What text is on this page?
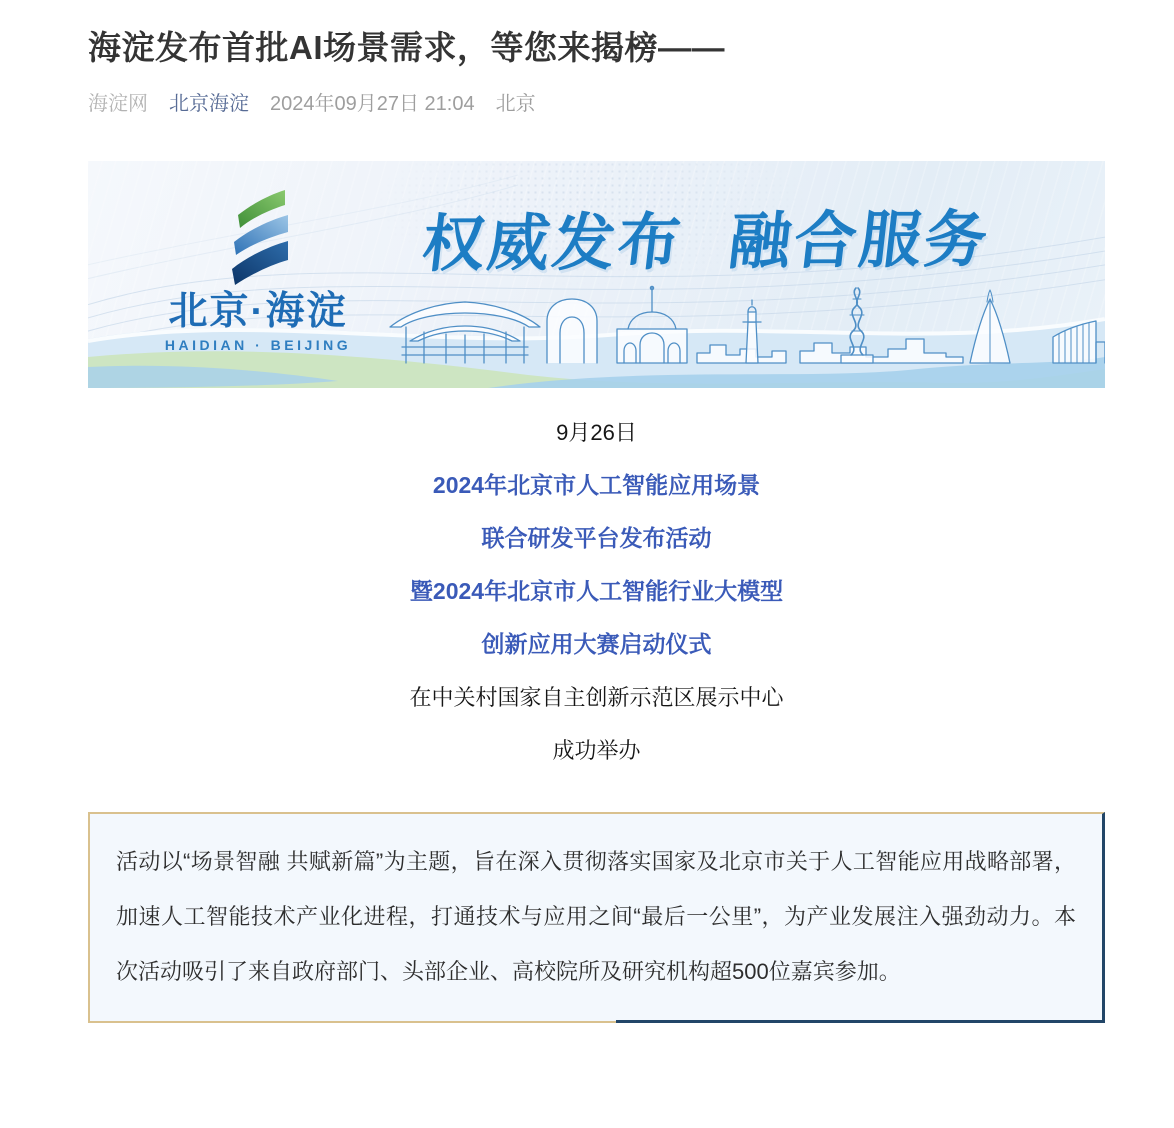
海淀发布首批AI场景需求，等您来揭榜——
海淀网 北京海淀 2024年09月27日 21:04 北京
北京·海淀
HAIDIAN · BEIJING
权威发布 融合服务

9月26日

2024年北京市人工智能应用场景

联合研发平台发布活动

暨2024年北京市人工智能行业大模型

创新应用大赛启动仪式

在中关村国家自主创新示范区展示中心

成功举办

活动以“场景智融 共赋新篇”为主题，旨在深入贯彻落实国家及北京市关于人工智能应用战略部署，加速人工智能技术产业化进程，打通技术与应用之间“最后一公里”，为产业发展注入强劲动力。本次活动吸引了来自政府部门、头部企业、高校院所及研究机构超500位嘉宾参加。
